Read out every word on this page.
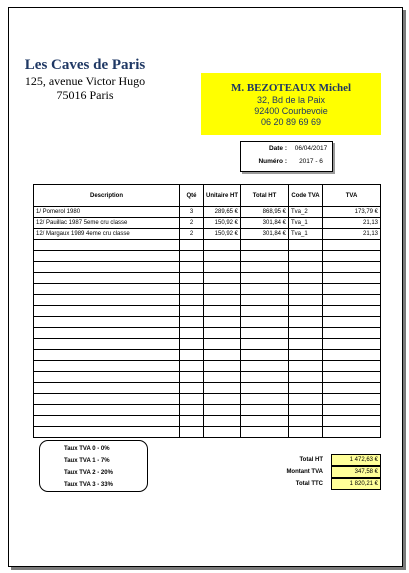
Les Caves de Paris
125, avenue Victor Hugo
75016 Paris	M. BEZOTEAUX Michel
32, Bd de la Paix
92400 Courbevoie
06 20 89 69 69
Date :	06/04/2017
Numéro :	2017 - 6
Description	Qté	Unitaire HT	Total HT	Code TVA	TVA
1/ Pomerol 1980	3	289,65 €	868,95 €	Tva_2	173,79 €
12/ Pauillac 1987 5eme cru classe	2	150,92 €	301,84 €	Tva_1	21,13
12/ Margaux 1989 4eme cru classe	2	150,92 €	301,84 €	Tva_1	21,13

Taux TVA 0 - 0%
Taux TVA 1 - 7%
Taux TVA 2 - 20%
Taux TVA 3 - 33%
Total HT	1 472,63 €
Montant TVA	347,58 €
Total TTC	1 820,21 €
